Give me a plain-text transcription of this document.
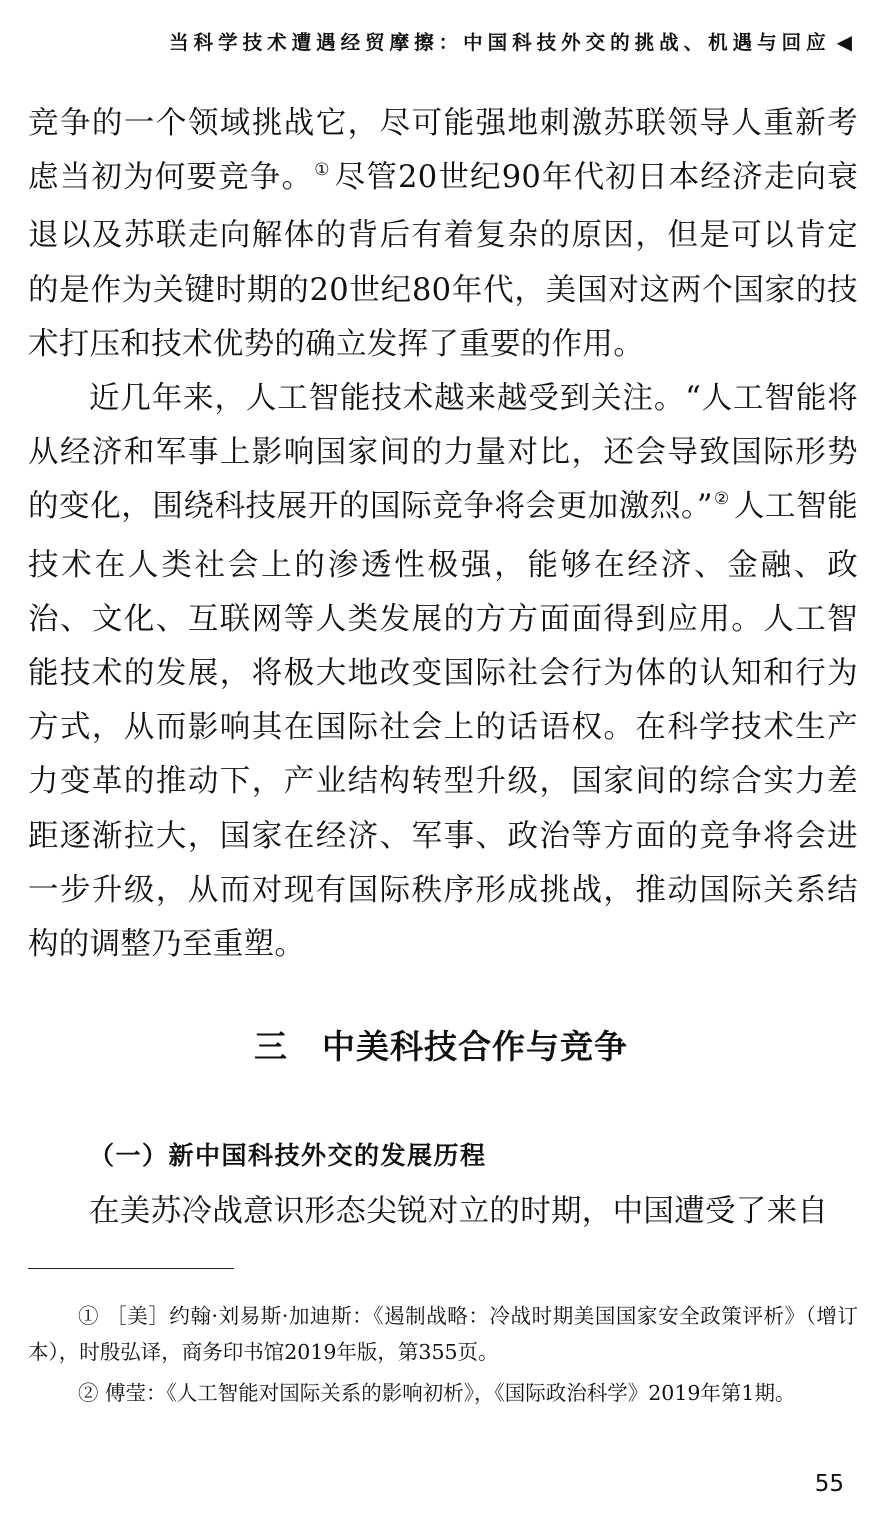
当科学技术遭遇经贸摩擦：中国科技外交的挑战、机遇与回应 ◀

竞争的一个领域挑战它，尽可能强地刺激苏联领导人重新考虑当初为何要竞争。① 尽管20世纪90年代初日本经济走向衰退以及苏联走向解体的背后有着复杂的原因，但是可以肯定的是作为关键时期的20世纪80年代，美国对这两个国家的技术打压和技术优势的确立发挥了重要的作用。

近几年来，人工智能技术越来越受到关注。“人工智能将从经济和军事上影响国家间的力量对比，还会导致国际形势的变化，围绕科技展开的国际竞争将会更加激烈。”② 人工智能技术在人类社会上的渗透性极强，能够在经济、金融、政治、文化、互联网等人类发展的方方面面得到应用。人工智能技术的发展，将极大地改变国际社会行为体的认知和行为方式，从而影响其在国际社会上的话语权。在科学技术生产力变革的推动下，产业结构转型升级，国家间的综合实力差距逐渐拉大，国家在经济、军事、政治等方面的竞争将会进一步升级，从而对现有国际秩序形成挑战，推动国际关系结构的调整乃至重塑。

三　中美科技合作与竞争
（一）新中国科技外交的发展历程

在美苏冷战意识形态尖锐对立的时期，中国遭受了来自

① ［美］约翰·刘易斯·加迪斯：《遏制战略：冷战时期美国国家安全政策评析》（增订本），时殷弘译，商务印书馆2019年版，第355页。

② 傅莹：《人工智能对国际关系的影响初析》，《国际政治科学》2019年第1期。

55
